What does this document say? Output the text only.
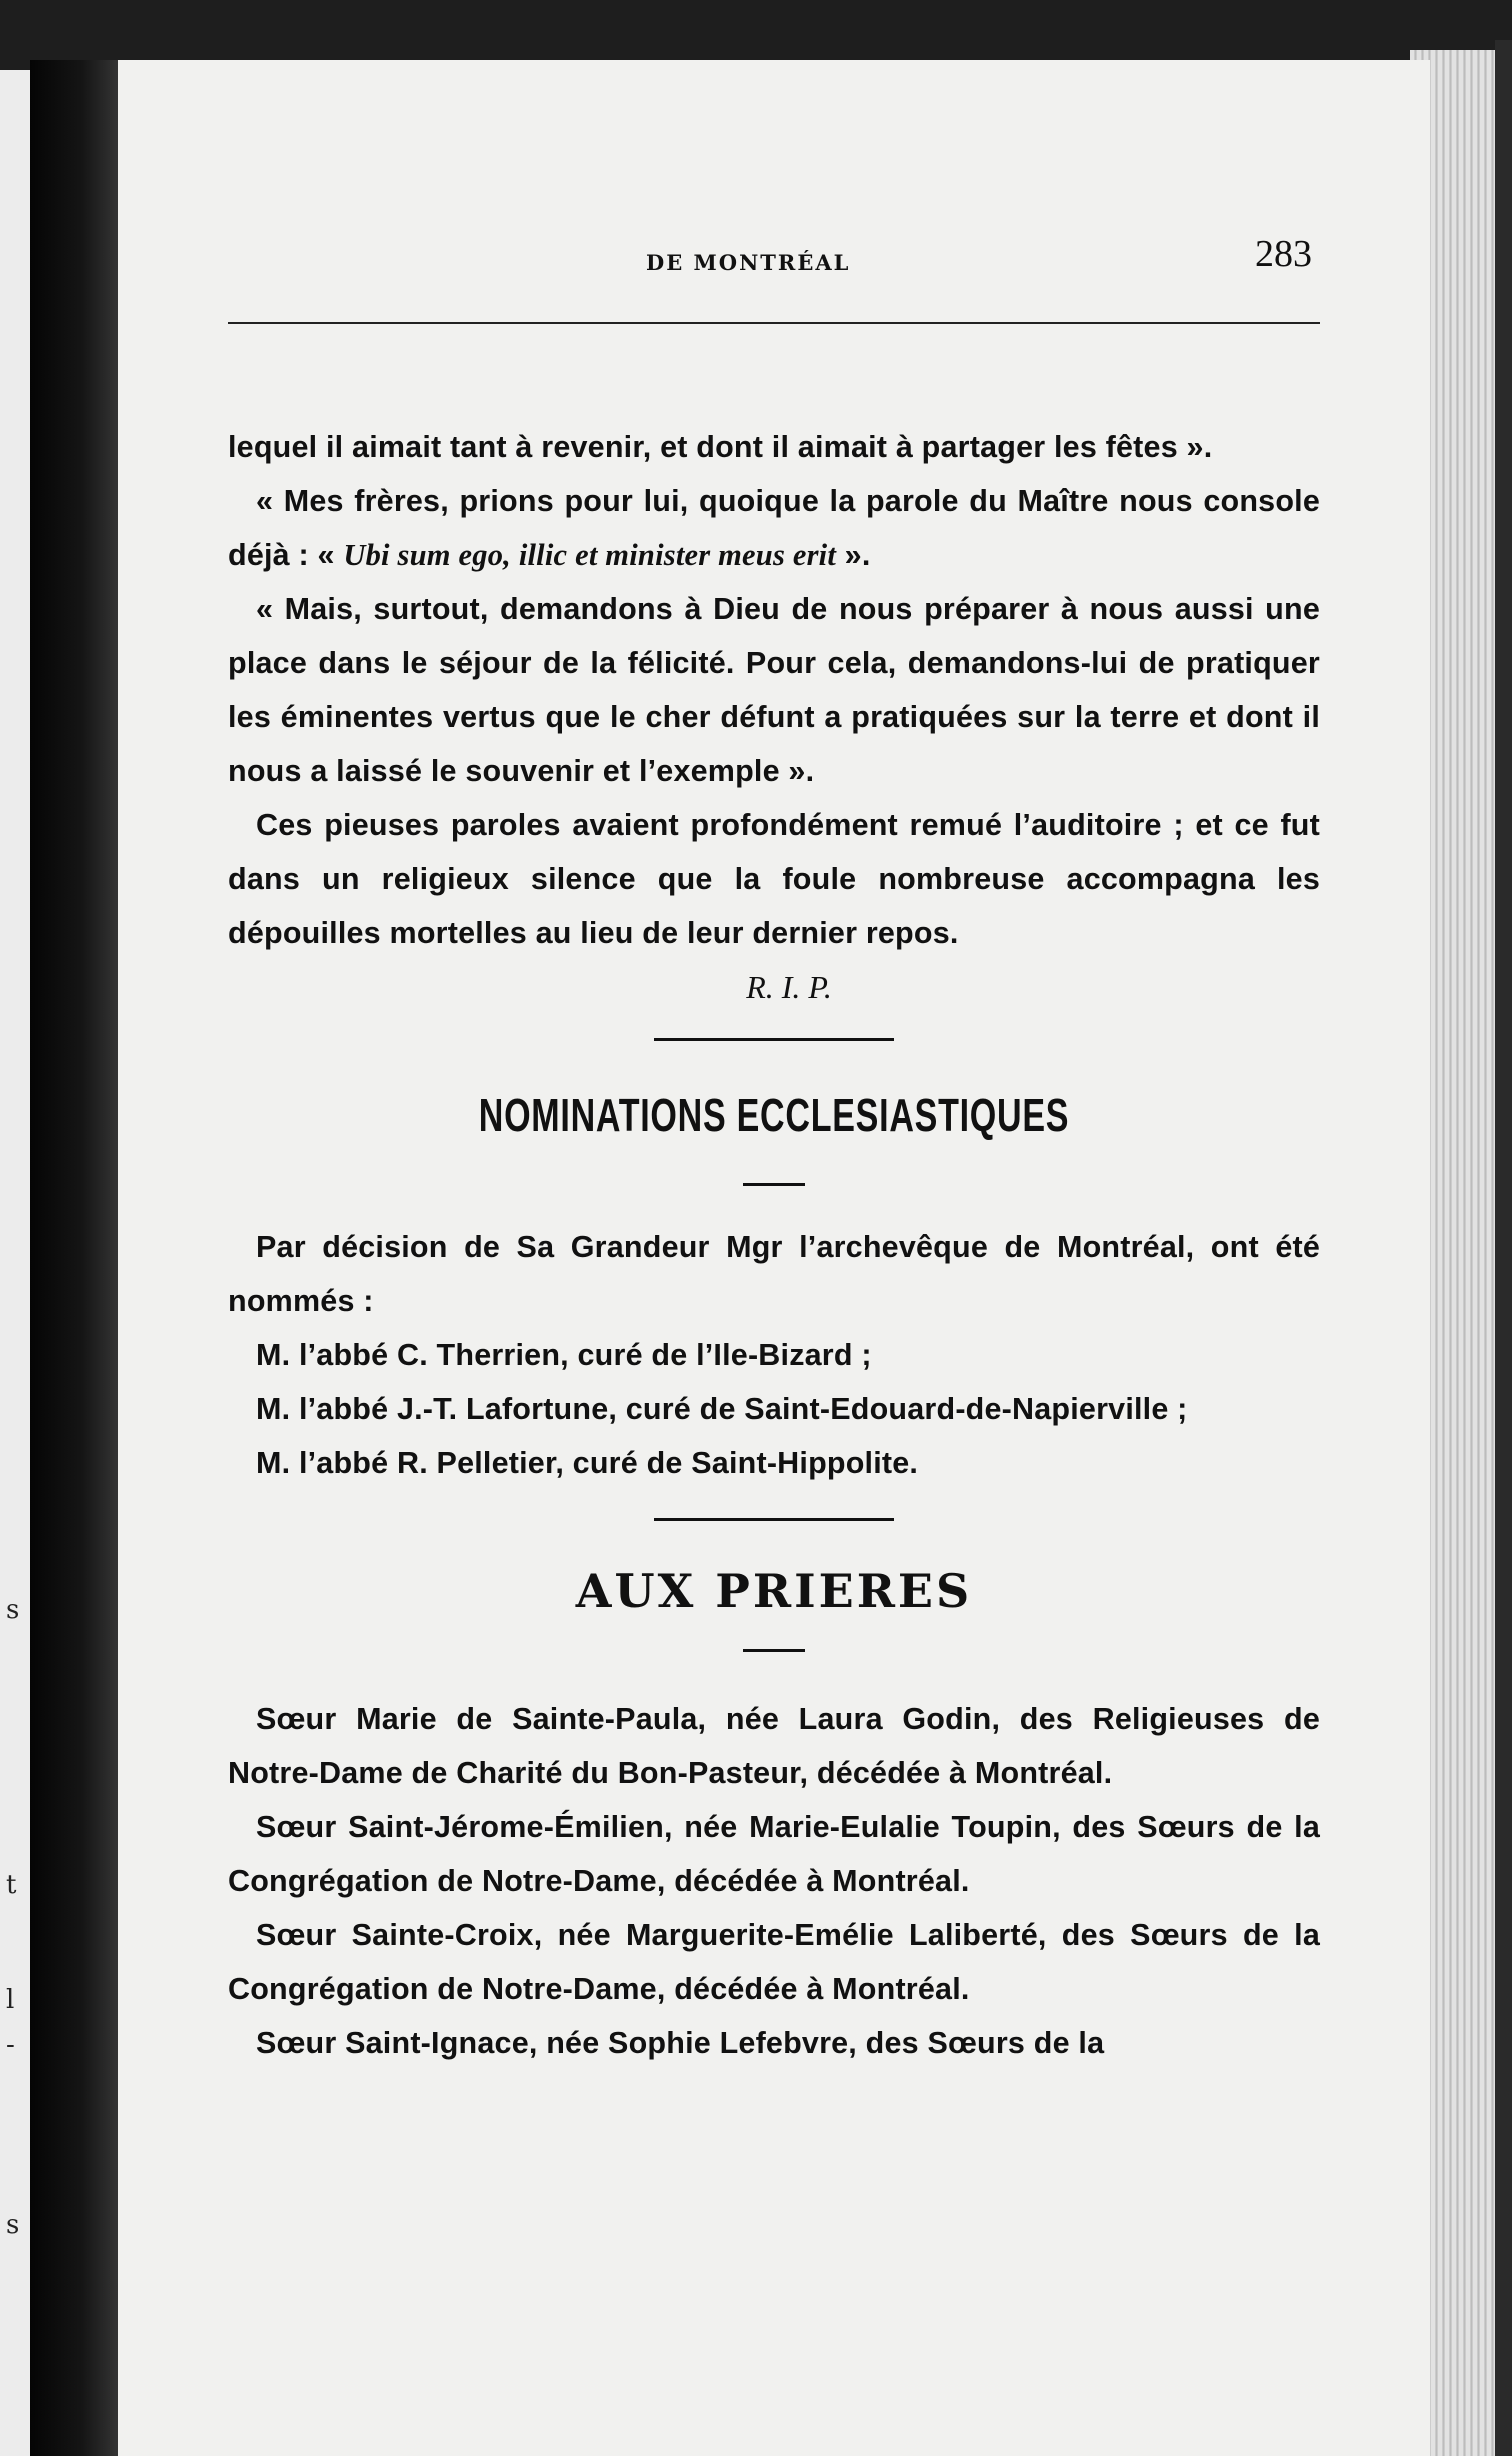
s
t
l
-
s
DE MONTRÉAL	283

lequel il aimait tant à revenir, et dont il aimait à partager les fêtes ».

« Mes frères, prions pour lui, quoique la parole du Maître nous console déjà : « Ubi sum ego, illic et minister meus erit ».

« Mais, surtout, demandons à Dieu de nous préparer à nous aussi une place dans le séjour de la félicité. Pour cela, demandons-lui de pratiquer les éminentes vertus que le cher défunt a pratiquées sur la terre et dont il nous a laissé le souvenir et l’exemple ».

Ces pieuses paroles avaient profondément remué l’auditoire ; et ce fut dans un religieux silence que la foule nombreuse accompagna les dépouilles mortelles au lieu de leur dernier repos.

R. I. P.
NOMINATIONS ECCLESIASTIQUES

Par décision de Sa Grandeur Mgr l’archevêque de Montréal, ont été nommés :

M. l’abbé C. Therrien, curé de l’Ile-Bizard ;

M. l’abbé J.-T. Lafortune, curé de Saint-Edouard-de-Napierville ;

M. l’abbé R. Pelletier, curé de Saint-Hippolite.

AUX PRIERES

Sœur Marie de Sainte-Paula, née Laura Godin, des Religieuses de Notre-Dame de Charité du Bon-Pasteur, décédée à Montréal.

Sœur Saint-Jérome-Émilien, née Marie-Eulalie Toupin, des Sœurs de la Congrégation de Notre-Dame, décédée à Montréal.

Sœur Sainte-Croix, née Marguerite-Emélie Laliberté, des Sœurs de la Congrégation de Notre-Dame, décédée à Montréal.

Sœur Saint-Ignace, née Sophie Lefebvre, des Sœurs de la
